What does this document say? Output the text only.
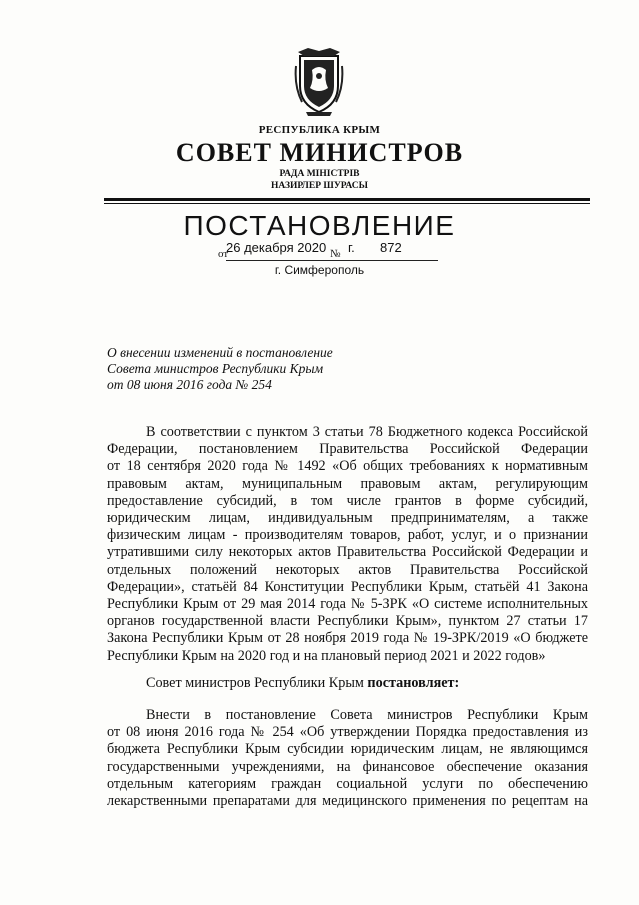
РЕСПУБЛИКА КРЫМ
СОВЕТ МИНИСТРОВ
РАДА МІНІСТРІВ
НАЗИРЛЕР ШУРАСЫ
ПОСТАНОВЛЕНИЕ
от
26 декабря 2020 № г. 872
г. Симферополь
О внесении изменений в постановление
Совета министров Республики Крым
от 08 июня 2016 года № 254
В соответствии с пунктом 3 статьи 78 Бюджетного кодекса Российской
Федерации, постановлением Правительства Российской Федерации
от 18 сентября 2020 года № 1492 «Об общих требованиях к нормативным
правовым актам, муниципальным правовым актам, регулирующим
предоставление субсидий, в том числе грантов в форме субсидий,
юридическим лицам, индивидуальным предпринимателям, а также
физическим лицам - производителям товаров, работ, услуг, и о признании
утратившими силу некоторых актов Правительства Российской Федерации и
отдельных положений некоторых актов Правительства Российской
Федерации», статьёй 84 Конституции Республики Крым, статьёй 41 Закона
Республики Крым от 29 мая 2014 года № 5-ЗРК «О системе исполнительных
органов государственной власти Республики Крым», пунктом 27 статьи 17
Закона Республики Крым от 28 ноября 2019 года № 19-ЗРК/2019 «О бюджете
Республики Крым на 2020 год и на плановый период 2021 и 2022 годов»
Совет министров Республики Крым постановляет:
Внести в постановление Совета министров Республики Крым
от 08 июня 2016 года № 254 «Об утверждении Порядка предоставления из
бюджета Республики Крым субсидии юридическим лицам, не являющимся
государственными учреждениями, на финансовое обеспечение оказания
отдельным категориям граждан социальной услуги по обеспечению
лекарственными препаратами для медицинского применения по рецептам на
